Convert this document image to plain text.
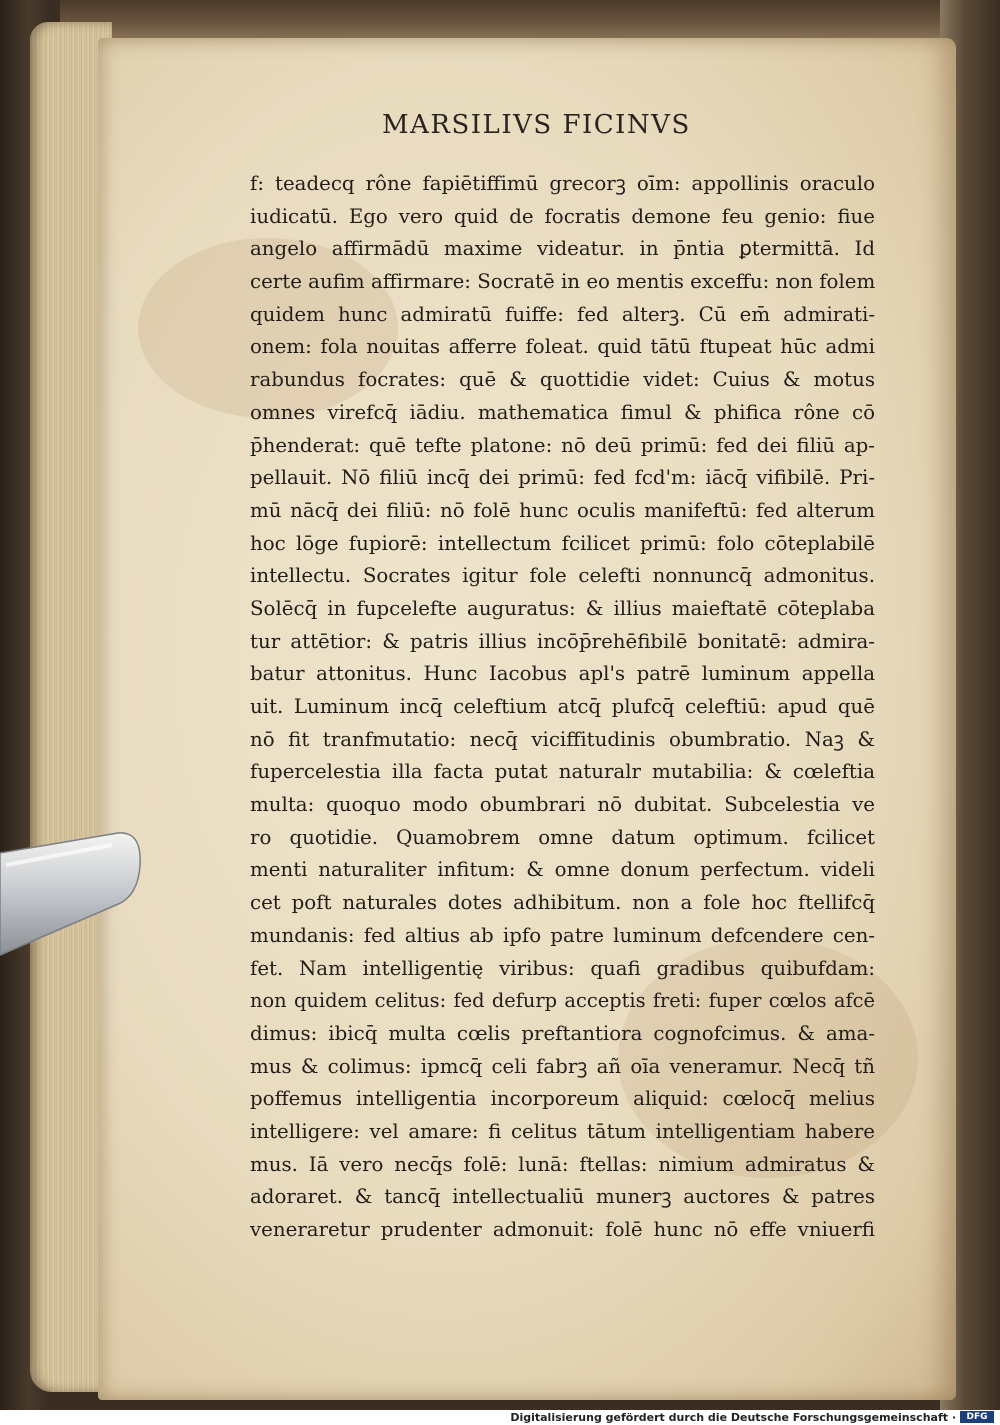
MARSILIVS FICINVS
f: teadecq rône fapiētiffimū grecorꝫ oīm: appollinis oraculo
iudicatū. Ego vero quid de focratis demone feu genio: fiue
angelo affirmādū maxime videatur. in p̄ntia ꝑtermittā. Id
certe aufim affirmare: Socratē in eo mentis exceffu: non folem
quidem hunc admiratū fuiffe: fed alterꝫ. Cū em̄ admirati-
onem: fola nouitas afferre foleat. quid tātū ftupeat hūc admi
rabundus focrates: quē & quottidie videt: Cuius & motus
omnes virefcq̄ iādiu. mathematica fimul & phifica rône cō
p̄henderat: quē tefte platone: nō deū primū: fed dei filiū ap-
pellauit. Nō filiū incq̄ dei primū: fed fcd'm: iācq̄ vifibilē. Pri-
mū nācq̄ dei filiū: nō folē hunc oculis manifeftū: fed alterum
hoc lōge fupiorē: intellectum fcilicet primū: folo cōteplabilē
intellectu. Socrates igitur fole celefti nonnuncq̄ admonitus.
Solēcq̄ in fupcelefte auguratus: & illius maieftatē cōteplaba
tur attētior: & patris illius incōp̄rehēfibilē bonitatē: admira-
batur attonitus. Hunc Iacobus apl's patrē luminum appella
uit. Luminum incq̄ celeftium atcq̄ plufcq̄ celeftiū: apud quē
nō fit tranfmutatio: necq̄ viciffitudinis obumbratio. Naꝫ &
fupercelestia illa facta putat naturalr mutabilia: & cœleftia
multa: quoquo modo obumbrari nō dubitat. Subcelestia ve
ro quotidie. Quamobrem omne datum optimum. fcilicet
menti naturaliter infitum: & omne donum perfectum. videli
cet poft naturales dotes adhibitum. non a fole hoc ftellifcq̄
mundanis: fed altius ab ipfo patre luminum defcendere cen-
fet. Nam intelligentię viribus: quafi gradibus quibufdam:
non quidem celitus: fed defurp acceptis freti: fuper cœlos afcē
dimus: ibicq̄ multa cœlis preftantiora cognofcimus. & ama-
mus & colimus: ipmcq̄ celi fabrꝫ añ oīa veneramur. Necq̄ tñ
poffemus intelligentia incorporeum aliquid: cœlocq̄ melius
intelligere: vel amare: fi celitus tātum intelligentiam habere
mus. Iā vero necq̄s folē: lunā: ftellas: nimium admiratus &
adoraret. & tancq̄ intellectualiū munerꝫ auctores & patres
veneraretur prudenter admonuit: folē hunc nō effe vniuerfi
Digitalisierung gefördert durch die Deutsche Forschungsgemeinschaft ·	DFG
